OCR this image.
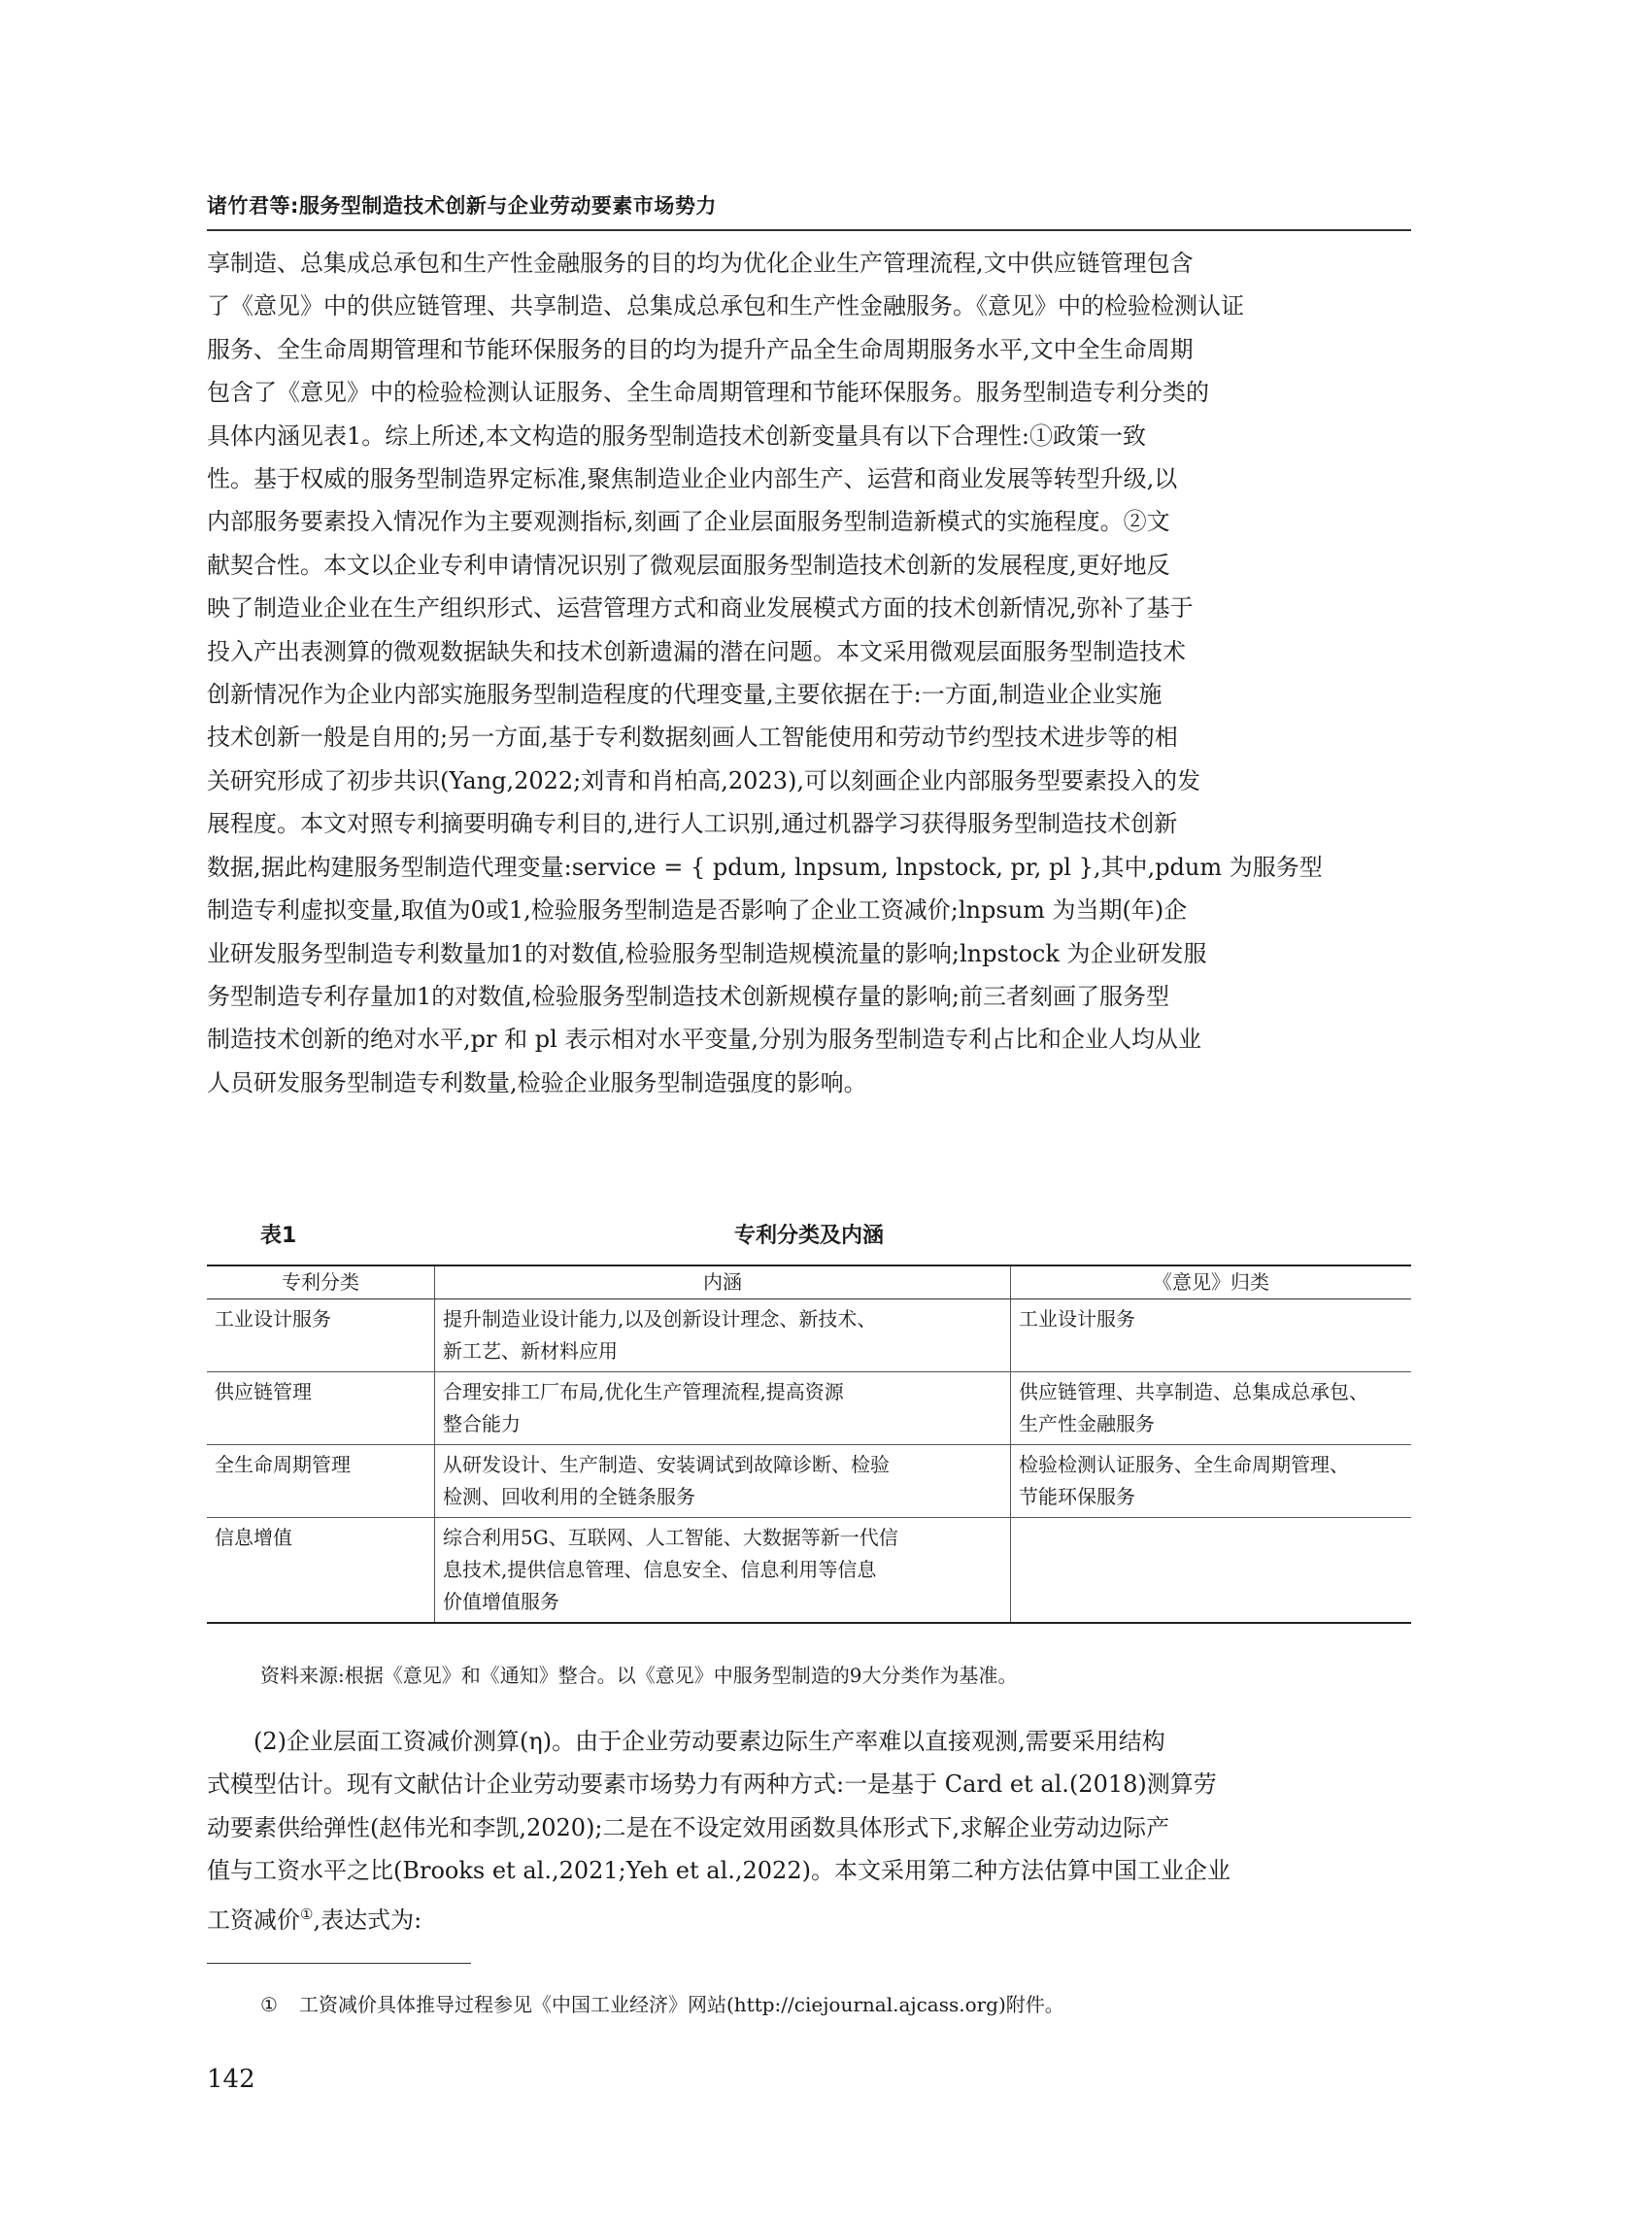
诸竹君等:服务型制造技术创新与企业劳动要素市场势力
享制造、总集成总承包和生产性金融服务的目的均为优化企业生产管理流程,文中供应链管理包含
了《意见》中的供应链管理、共享制造、总集成总承包和生产性金融服务。《意见》中的检验检测认证
服务、全生命周期管理和节能环保服务的目的均为提升产品全生命周期服务水平,文中全生命周期
包含了《意见》中的检验检测认证服务、全生命周期管理和节能环保服务。服务型制造专利分类的
具体内涵见表1。综上所述,本文构造的服务型制造技术创新变量具有以下合理性:①政策一致
性。基于权威的服务型制造界定标准,聚焦制造业企业内部生产、运营和商业发展等转型升级,以
内部服务要素投入情况作为主要观测指标,刻画了企业层面服务型制造新模式的实施程度。②文
献契合性。本文以企业专利申请情况识别了微观层面服务型制造技术创新的发展程度,更好地反
映了制造业企业在生产组织形式、运营管理方式和商业发展模式方面的技术创新情况,弥补了基于
投入产出表测算的微观数据缺失和技术创新遗漏的潜在问题。本文采用微观层面服务型制造技术
创新情况作为企业内部实施服务型制造程度的代理变量,主要依据在于:一方面,制造业企业实施
技术创新一般是自用的;另一方面,基于专利数据刻画人工智能使用和劳动节约型技术进步等的相
关研究形成了初步共识(Yang,2022;刘青和肖柏高,2023),可以刻画企业内部服务型要素投入的发
展程度。本文对照专利摘要明确专利目的,进行人工识别,通过机器学习获得服务型制造技术创新
数据,据此构建服务型制造代理变量:service = { pdum, lnpsum, lnpstock, pr, pl },其中,pdum 为服务型
制造专利虚拟变量,取值为0或1,检验服务型制造是否影响了企业工资减价;lnpsum 为当期(年)企
业研发服务型制造专利数量加1的对数值,检验服务型制造规模流量的影响;lnpstock 为企业研发服
务型制造专利存量加1的对数值,检验服务型制造技术创新规模存量的影响;前三者刻画了服务型
制造技术创新的绝对水平,pr 和 pl 表示相对水平变量,分别为服务型制造专利占比和企业人均从业
人员研发服务型制造专利数量,检验企业服务型制造强度的影响。
表1	专利分类及内涵
专利分类	内涵	《意见》归类
工业设计服务	提升制造业设计能力,以及创新设计理念、新技术、
新工艺、新材料应用	工业设计服务

供应链管理	合理安排工厂布局,优化生产管理流程,提高资源
整合能力	供应链管理、共享制造、总集成总承包、
生产性金融服务

全生命周期管理	从研发设计、生产制造、安装调试到故障诊断、检验
检测、回收利用的全链条服务	检验检测认证服务、全生命周期管理、
节能环保服务

信息增值	综合利用5G、互联网、人工智能、大数据等新一代信
息技术,提供信息管理、信息安全、信息利用等信息
价值增值服务	

资料来源:根据《意见》和《通知》整合。以《意见》中服务型制造的9大分类作为基准。
(2)企业层面工资减价测算(η)。由于企业劳动要素边际生产率难以直接观测,需要采用结构
式模型估计。现有文献估计企业劳动要素市场势力有两种方式:一是基于 Card et al.(2018)测算劳
动要素供给弹性(赵伟光和李凯,2020);二是在不设定效用函数具体形式下,求解企业劳动边际产
值与工资水平之比(Brooks et al.,2021;Yeh et al.,2022)。本文采用第二种方法估算中国工业企业
工资减价①,表达式为:
① 工资减价具体推导过程参见《中国工业经济》网站(http://ciejournal.ajcass.org)附件。
142
